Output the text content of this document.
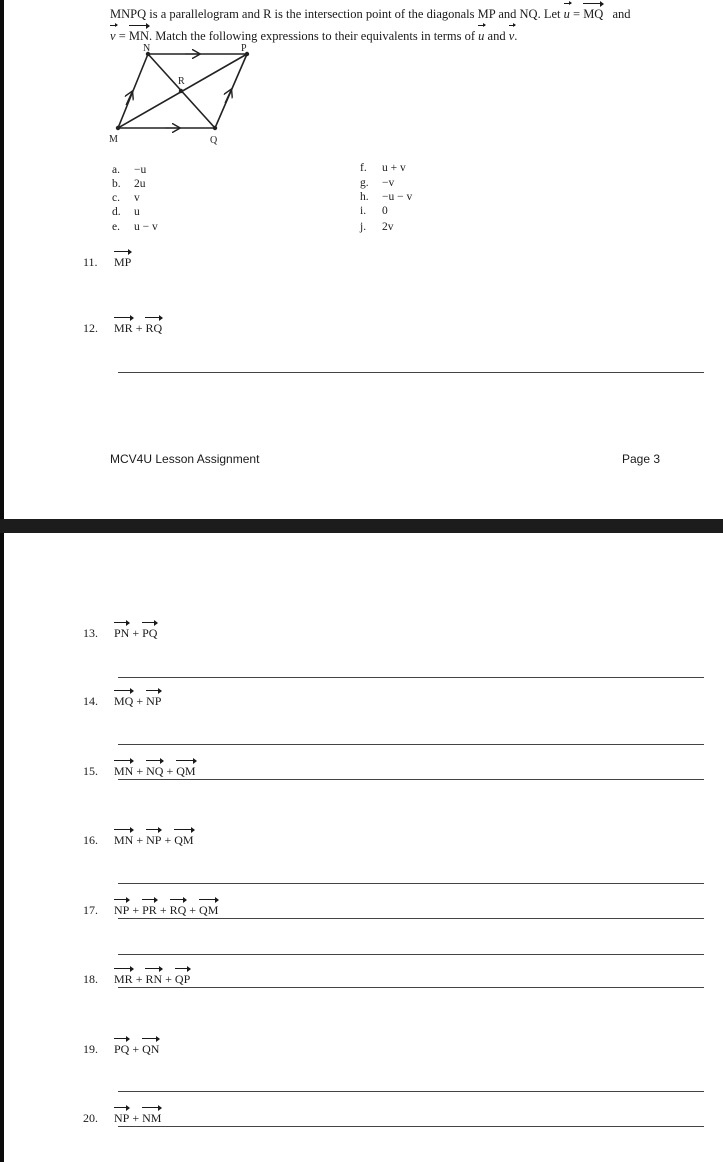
MNPQ is a parallelogram and R is the intersection point of the diagonals MP and NQ. Let u = MQ and
v = MN
. Match the following expressions to their equivalents in terms of u and v
.
N	P
R
M	Q
a. −u
b. 2u
c. v
d. u
e. u − v
f. u + v
g. −v
h. −u − v
i. 0
j. 2v
11. MP
12. MR + RQ
MCV4U Lesson Assignment	Page 3
13. PN + PQ
14. MQ + NP
15. MN + NQ + QM
16. MN + NP + QM
17. NP + PR + RQ + QM
18. MR + RN + QP
19. PQ + QN
20. NP + NM
